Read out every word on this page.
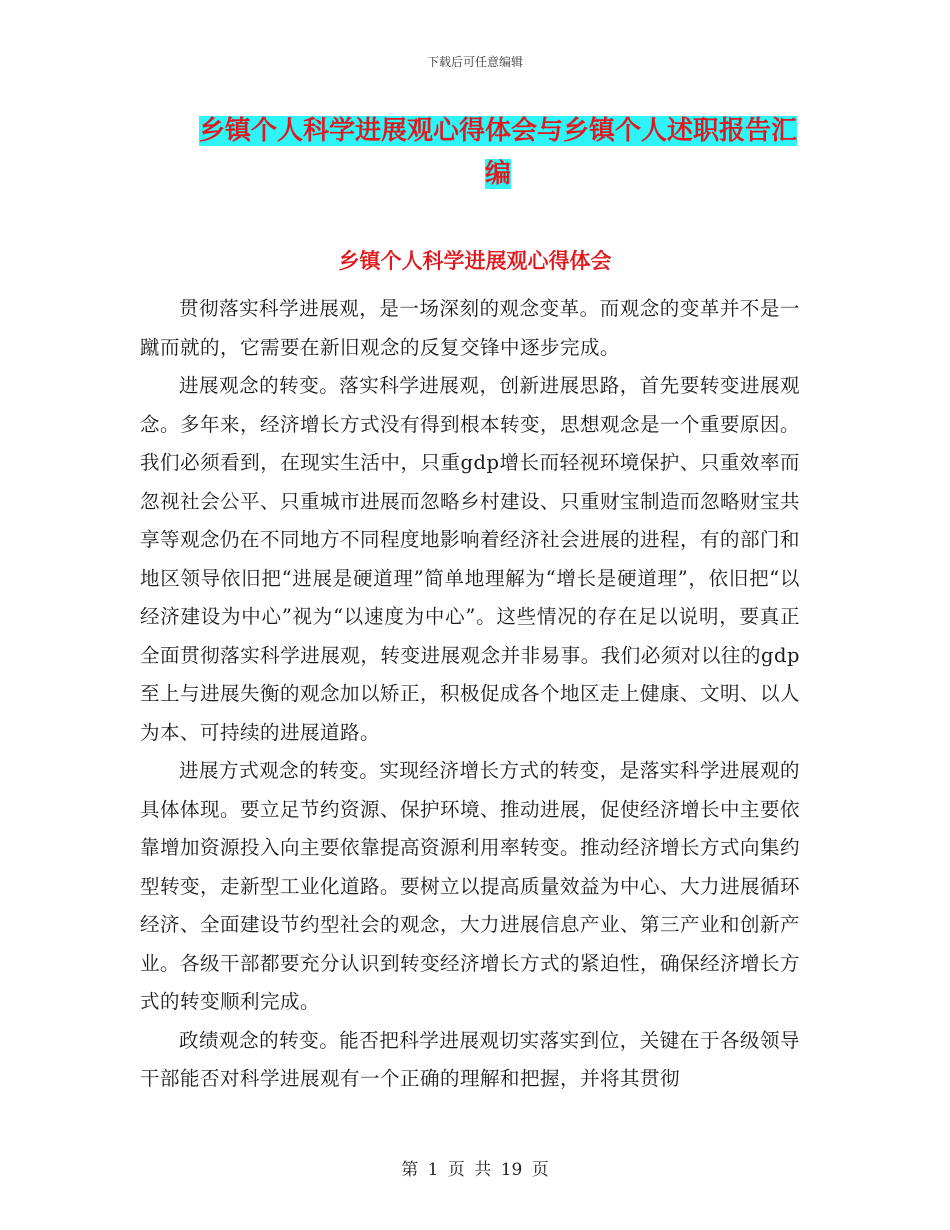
下载后可任意编辑
乡镇个人科学进展观心得体会与乡镇个人述职报告汇编
乡镇个人科学进展观心得体会

贯彻落实科学进展观，是一场深刻的观念变革。而观念的变革并不是一蹴而就的，它需要在新旧观念的反复交锋中逐步完成。

进展观念的转变。落实科学进展观，创新进展思路，首先要转变进展观念。多年来，经济增长方式没有得到根本转变，思想观念是一个重要原因。我们必须看到，在现实生活中，只重gdp增长而轻视环境保护、只重效率而忽视社会公平、只重城市进展而忽略乡村建设、只重财宝制造而忽略财宝共享等观念仍在不同地方不同程度地影响着经济社会进展的进程，有的部门和地区领导依旧把“进展是硬道理”简单地理解为“增长是硬道理”，依旧把“以经济建设为中心”视为“以速度为中心”。这些情况的存在足以说明，要真正全面贯彻落实科学进展观，转变进展观念并非易事。我们必须对以往的gdp至上与进展失衡的观念加以矫正，积极促成各个地区走上健康、文明、以人为本、可持续的进展道路。

进展方式观念的转变。实现经济增长方式的转变，是落实科学进展观的具体体现。要立足节约资源、保护环境、推动进展，促使经济增长中主要依靠增加资源投入向主要依靠提高资源利用率转变。推动经济增长方式向集约型转变，走新型工业化道路。要树立以提高质量效益为中心、大力进展循环经济、全面建设节约型社会的观念，大力进展信息产业、第三产业和创新产业。各级干部都要充分认识到转变经济增长方式的紧迫性，确保经济增长方式的转变顺利完成。

政绩观念的转变。能否把科学进展观切实落实到位，关键在于各级领导干部能否对科学进展观有一个正确的理解和把握，并将其贯彻

第 1 页 共 19 页
